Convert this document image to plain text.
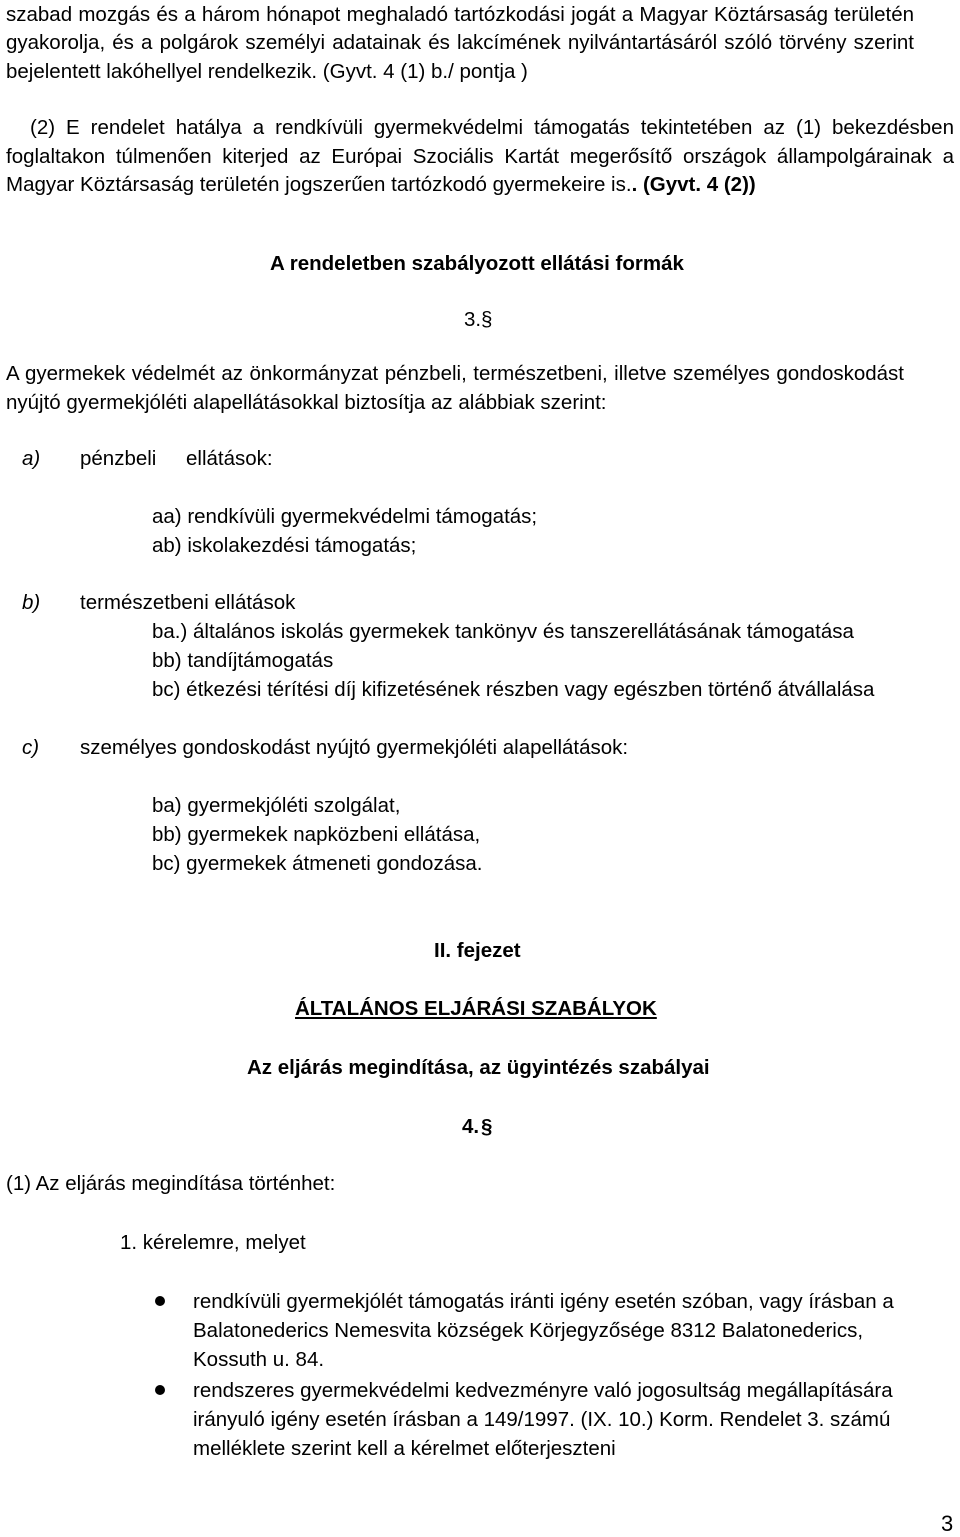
szabad mozgás és a három hónapot meghaladó tartózkodási jogát a Magyar Köztársaság területén
gyakorolja, és a polgárok személyi adatainak és lakcímének nyilvántartásáról szóló törvény szerint
bejelentett lakóhellyel rendelkezik. (Gyvt. 4 (1) b./ pontja )
(2) E rendelet hatálya a rendkívüli gyermekvédelmi támogatás tekintetében az (1) bekezdésben
foglaltakon túlmenően kiterjed az Európai Szociális Kartát megerősítő országok állampolgárainak a
Magyar Köztársaság területén jogszerűen tartózkodó gyermekeire is.. (Gyvt. 4 (2))
A rendeletben szabályozott ellátási formák
3.
A gyermekek védelmét az önkormányzat pénzbeli, természetbeni, illetve személyes gondoskodást
nyújtó gyermekjóléti alapellátásokkal biztosítja az alábbiak szerint:
a) pénzbeli ellátások:
aa) rendkívüli gyermekvédelmi támogatás;
ab) iskolakezdési támogatás;
b) természetbeni ellátások
ba.) általános iskolás gyermekek tankönyv és tanszerellátásának támogatása
bb) tandíjtámogatás
bc) étkezési térítési díj kifizetésének részben vagy egészben történő átvállalása
c) személyes gondoskodást nyújtó gyermekjóléti alapellátások:
ba) gyermekjóléti szolgálat,
bb) gyermekek napközbeni ellátása,
bc) gyermekek átmeneti gondozása.
II. fejezet
ÁLTALÁNOS ELJÁRÁSI SZABÁLYOK
Az eljárás megindítása, az ügyintézés szabályai
4.
(1) Az eljárás megindítása történhet:
1. kérelemre, melyet
rendkívüli gyermekjólét támogatás iránti igény esetén szóban, vagy írásban a
Balatonederics Nemesvita községek Körjegyzősége 8312 Balatonederics,
Kossuth u. 84.
rendszeres gyermekvédelmi kedvezményre való jogosultság megállapítására
irányuló igény esetén írásban a 149/1997. (IX. 10.) Korm. Rendelet 3. számú
melléklete szerint kell a kérelmet előterjeszteni
3
§
§
